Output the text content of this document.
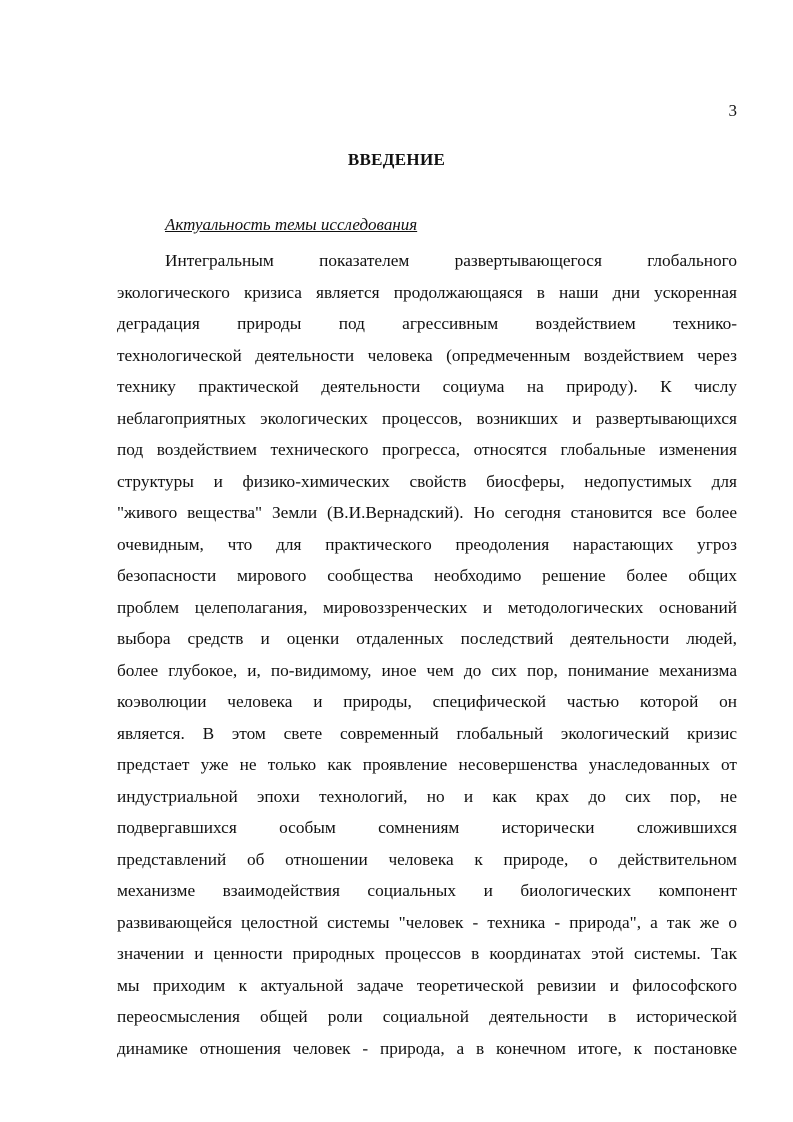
3
ВВЕДЕНИЕ
Актуальность темы исследования
Интегральным показателем развертывающегося глобального
экологического кризиса является продолжающаяся в наши дни ускоренная
деградация природы под агрессивным воздействием технико-
технологической деятельности человека (опредмеченным воздействием через
технику практической деятельности социума на природу). К числу
неблагоприятных экологических процессов, возникших и развертывающихся
под воздействием технического прогресса, относятся глобальные изменения
структуры и физико-химических свойств биосферы, недопустимых для
"живого вещества" Земли (В.И.Вернадский). Но сегодня становится все более
очевидным, что для практического преодоления нарастающих угроз
безопасности мирового сообщества необходимо решение более общих
проблем целеполагания, мировоззренческих и методологических оснований
выбора средств и оценки отдаленных последствий деятельности людей,
более глубокое, и, по-видимому, иное чем до сих пор, понимание механизма
коэволюции человека и природы, специфической частью которой он
является. В этом свете современный глобальный экологический кризис
предстает уже не только как проявление несовершенства унаследованных от
индустриальной эпохи технологий, но и как крах до сих пор, не
подвергавшихся особым сомнениям исторически сложившихся
представлений об отношении человека к природе, о действительном
механизме взаимодействия социальных и биологических компонент
развивающейся целостной системы "человек - техника - природа", а так же о
значении и ценности природных процессов в координатах этой системы. Так
мы приходим к актуальной задаче теоретической ревизии и философского
переосмысления общей роли социальной деятельности в исторической
динамике отношения человек - природа, а в конечном итоге, к постановке
